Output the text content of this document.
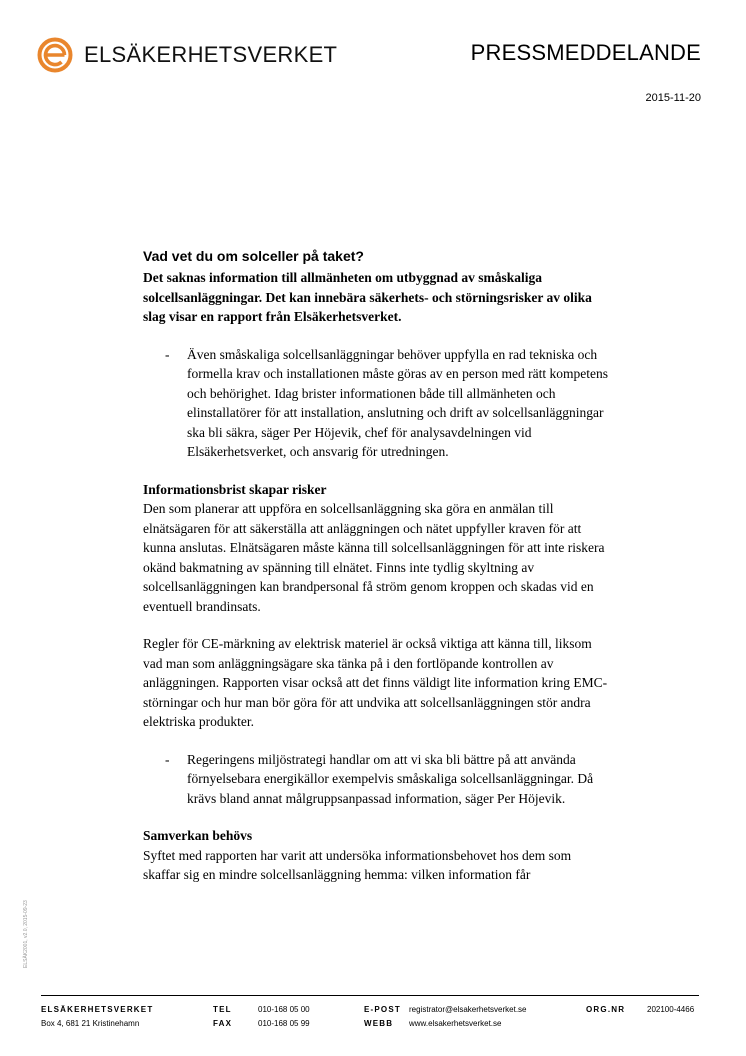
ELSÄKERHETSVERKET	PRESSMEDDELANDE
2015-11-20
Vad vet du om solceller på taket?

Det saknas information till allmänheten om utbyggnad av småskaliga solcellsanläggningar. Det kan innebära säkerhets- och störningsrisker av olika slag visar en rapport från Elsäkerhetsverket.

- Även småskaliga solcellsanläggningar behöver uppfylla en rad tekniska och formella krav och installationen måste göras av en person med rätt kompetens och behörighet. Idag brister informationen både till allmänheten och elinstallatörer för att installation, anslutning och drift av solcellsanläggningar ska bli säkra, säger Per Höjevik, chef för analysavdelningen vid Elsäkerhetsverket, och ansvarig för utredningen.

Informationsbrist skapar risker

Den som planerar att uppföra en solcellsanläggning ska göra en anmälan till elnätsägaren för att säkerställa att anläggningen och nätet uppfyller kraven för att kunna anslutas. Elnätsägaren måste känna till solcellsanläggningen för att inte riskera okänd bakmatning av spänning till elnätet. Finns inte tydlig skyltning av solcellsanläggningen kan brandpersonal få ström genom kroppen och skadas vid en eventuell brandinsats.

Regler för CE-märkning av elektrisk materiel är också viktiga att känna till, liksom vad man som anläggningsägare ska tänka på i den fortlöpande kontrollen av anläggningen. Rapporten visar också att det finns väldigt lite information kring EMC-störningar och hur man bör göra för att undvika att solcellsanläggningen stör andra elektriska produkter.

- Regeringens miljöstrategi handlar om att vi ska bli bättre på att använda förnyelsebara energikällor exempelvis småskaliga solcellsanläggningar. Då krävs bland annat målgruppsanpassad information, säger Per Höjevik.

Samverkan behövs

Syftet med rapporten har varit att undersöka informationsbehovet hos dem som skaffar sig en mindre solcellsanläggning hemma: vilken information får

ELSÄK2001, v2.0, 2015-09-23
ELSÄKERHETSVERKET
Box 4, 681 21 Kristinehamn
TEL	010-168 05 00
FAX	010-168 05 99
E-POST registrator@elsakerhetsverket.se
WEBB www.elsakerhetsverket.se
ORG.NR	202100-4466
